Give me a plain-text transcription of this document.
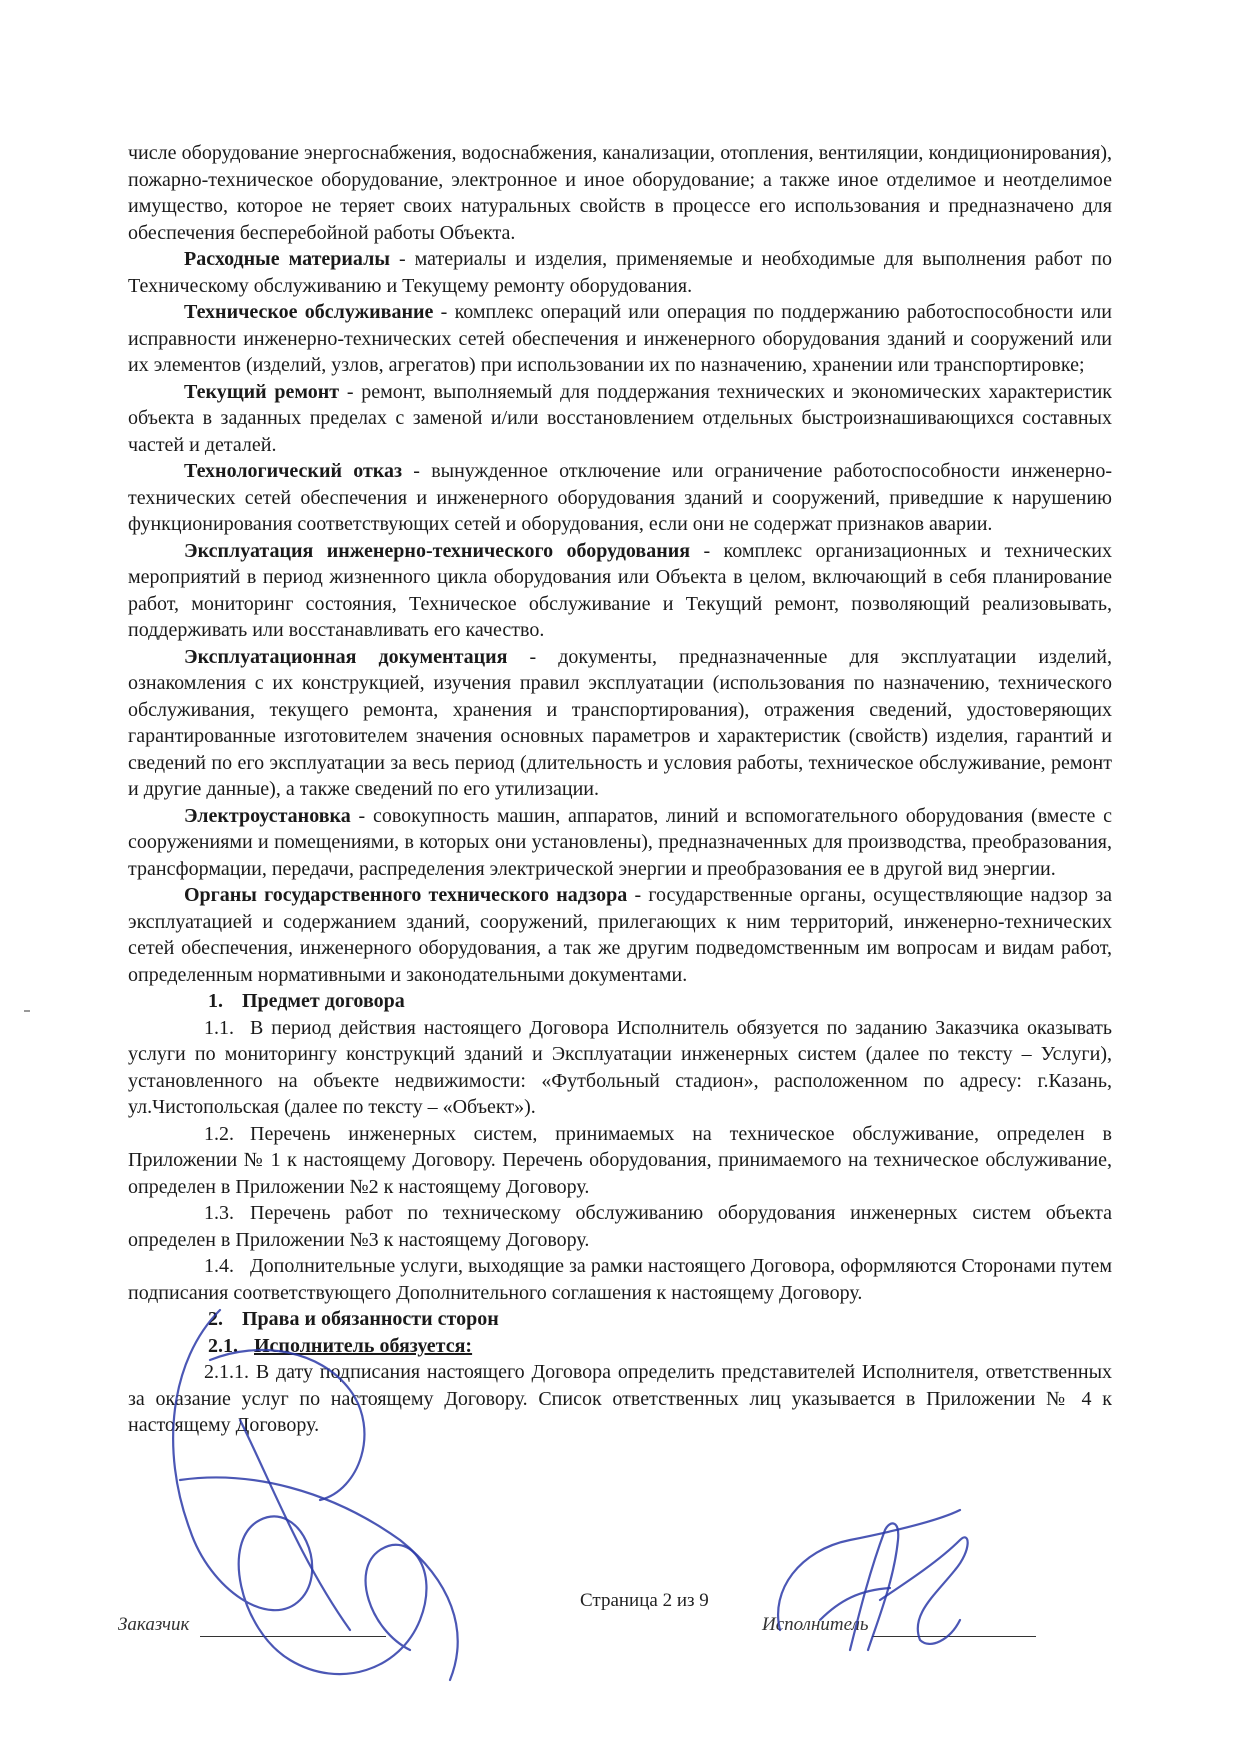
числе оборудование энергоснабжения, водоснабжения, канализации, отопления, вентиляции, кондиционирования), пожарно-техническое оборудование, электронное и иное оборудование; а также иное отделимое и неотделимое имущество, которое не теряет своих натуральных свойств в процессе его использования и предназначено для обеспечения бесперебойной работы Объекта.

Расходные материалы - материалы и изделия, применяемые и необходимые для выполнения работ по Техническому обслуживанию и Текущему ремонту оборудования.

Техническое обслуживание - комплекс операций или операция по поддержанию работоспособности или исправности инженерно-технических сетей обеспечения и инженерного оборудования зданий и сооружений или их элементов (изделий, узлов, агрегатов) при использовании их по назначению, хранении или транспортировке;

Текущий ремонт - ремонт, выполняемый для поддержания технических и экономических характеристик объекта в заданных пределах с заменой и/или восстановлением отдельных быстроизнашивающихся составных частей и деталей.

Технологический отказ - вынужденное отключение или ограничение работоспособности инженерно-технических сетей обеспечения и инженерного оборудования зданий и сооружений, приведшие к нарушению функционирования соответствующих сетей и оборудования, если они не содержат признаков аварии.

Эксплуатация инженерно-технического оборудования - комплекс организационных и технических мероприятий в период жизненного цикла оборудования или Объекта в целом, включающий в себя планирование работ, мониторинг состояния, Техническое обслуживание и Текущий ремонт, позволяющий реализовывать, поддерживать или восстанавливать его качество.

Эксплуатационная документация - документы, предназначенные для эксплуатации изделий, ознакомления с их конструкцией, изучения правил эксплуатации (использования по назначению, технического обслуживания, текущего ремонта, хранения и транспортирования), отражения сведений, удостоверяющих гарантированные изготовителем значения основных параметров и характеристик (свойств) изделия, гарантий и сведений по его эксплуатации за весь период (длительность и условия работы, техническое обслуживание, ремонт и другие данные), а также сведений по его утилизации.

Электроустановка - совокупность машин, аппаратов, линий и вспомогательного оборудования (вместе с сооружениями и помещениями, в которых они установлены), предназначенных для производства, преобразования, трансформации, передачи, распределения электрической энергии и преобразования ее в другой вид энергии.

Органы государственного технического надзора - государственные органы, осуществляющие надзор за эксплуатацией и содержанием зданий, сооружений, прилегающих к ним территорий, инженерно-технических сетей обеспечения, инженерного оборудования, а так же другим подведомственным им вопросам и видам работ, определенным нормативными и законодательными документами.

1. Предмет договора

1.1. В период действия настоящего Договора Исполнитель обязуется по заданию Заказчика оказывать услуги по мониторингу конструкций зданий и Эксплуатации инженерных систем (далее по тексту – Услуги), установленного на объекте недвижимости: «Футбольный стадион», расположенном по адресу: г.Казань, ул.Чистопольская (далее по тексту – «Объект»).

1.2. Перечень инженерных систем, принимаемых на техническое обслуживание, определен в Приложении № 1 к настоящему Договору. Перечень оборудования, принимаемого на техническое обслуживание, определен в Приложении №2 к настоящему Договору.

1.3. Перечень работ по техническому обслуживанию оборудования инженерных систем объекта определен в Приложении №3 к настоящему Договору.

1.4. Дополнительные услуги, выходящие за рамки настоящего Договора, оформляются Сторонами путем подписания соответствующего Дополнительного соглашения к настоящему Договору.

2. Права и обязанности сторон

2.1. Исполнитель обязуется:

2.1.1. В дату подписания настоящего Договора определить представителей Исполнителя, ответственных за оказание услуг по настоящему Договору. Список ответственных лиц указывается в Приложении № 4 к настоящему Договору.

Страница 2 из 9
Заказчик	Исполнитель
